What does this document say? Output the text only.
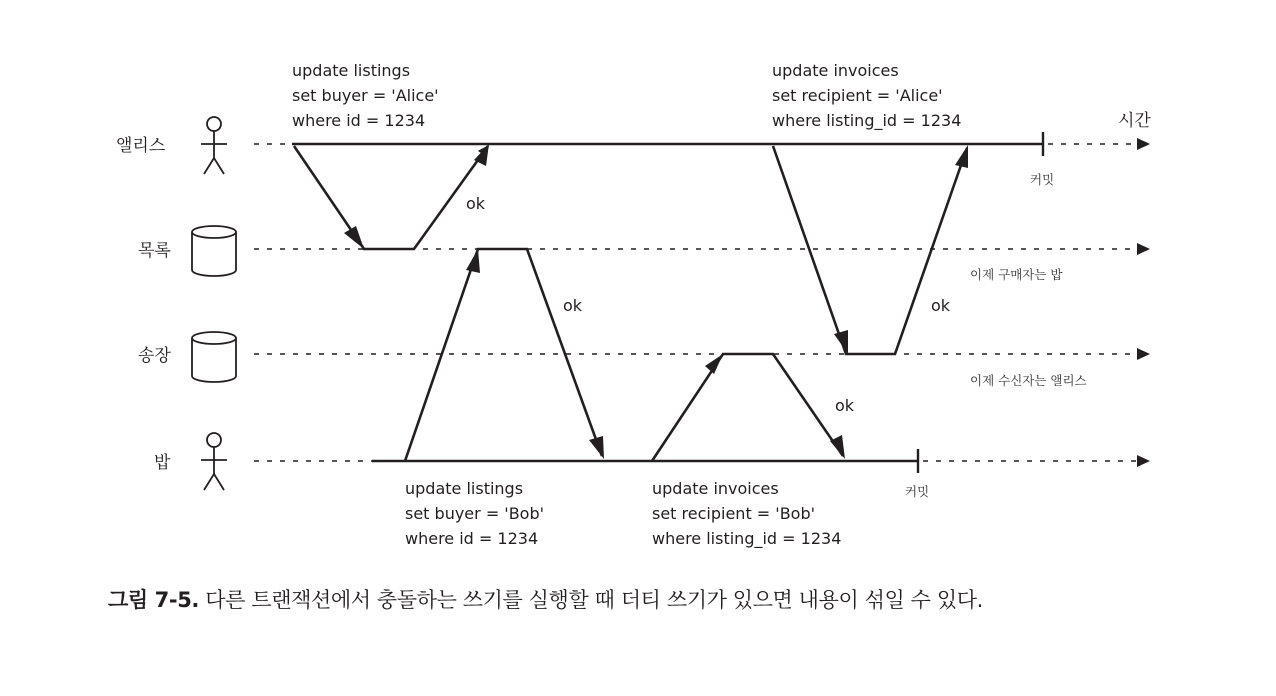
앨리스
목록
송장
밥
시간
ok
ok
ok
ok
커밋
커밋
이제 구매자는 밥
이제 수신자는 앨리스
update listings
set buyer = 'Alice'
where id = 1234
update invoices
set recipient = 'Alice'
where listing_id = 1234
update listings
set buyer = 'Bob'
where id = 1234
update invoices
set recipient = 'Bob'
where listing_id = 1234
그림 7-5. 다른 트랜잭션에서 충돌하는 쓰기를 실행할 때 더티 쓰기가 있으면 내용이 섞일 수 있다.
